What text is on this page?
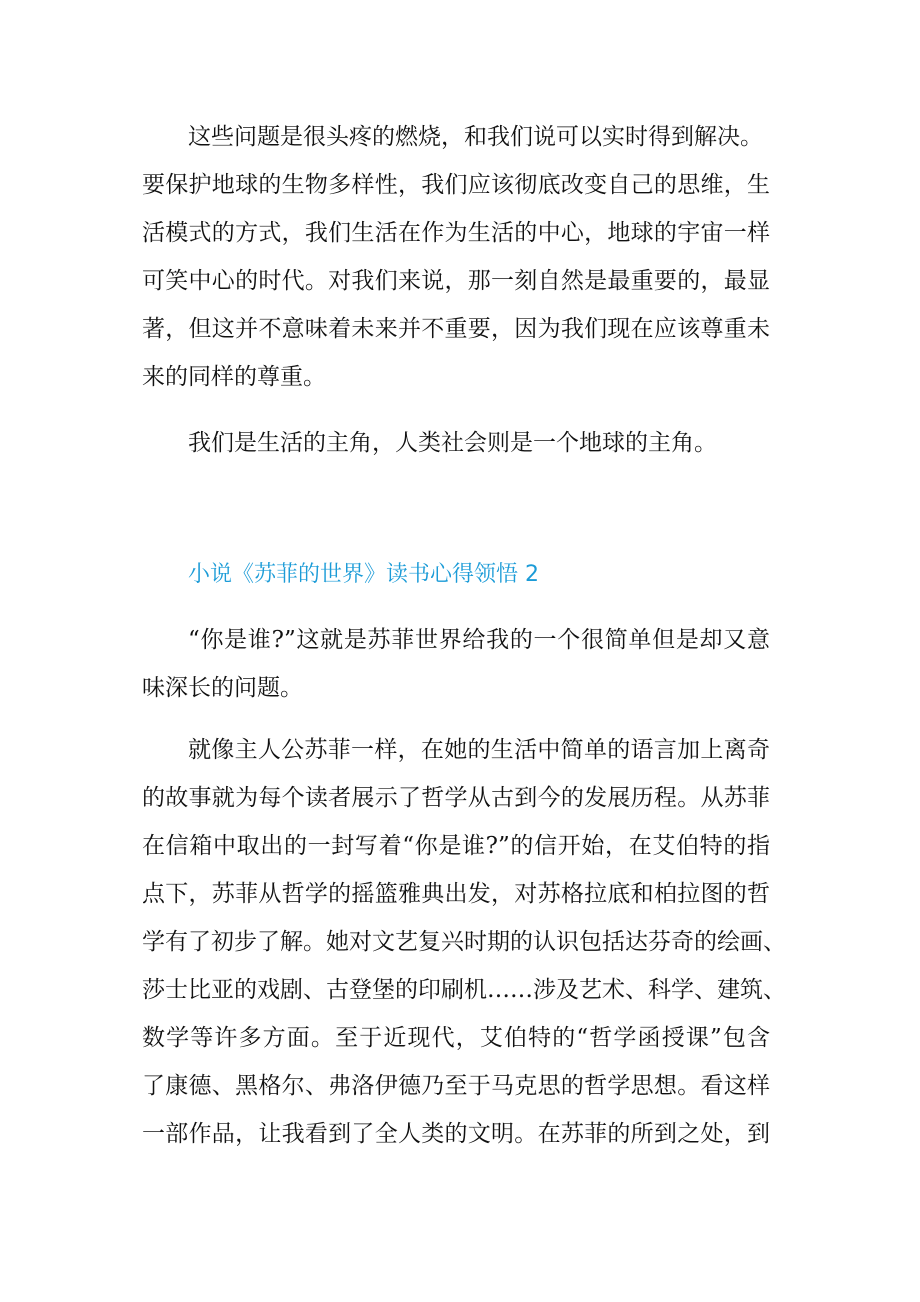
这些问题是很头疼的燃烧，和我们说可以实时得到解决。
要保护地球的生物多样性，我们应该彻底改变自己的思维，生
活模式的方式，我们生活在作为生活的中心，地球的宇宙一样
可笑中心的时代。对我们来说，那一刻自然是最重要的，最显
著，但这并不意味着未来并不重要，因为我们现在应该尊重未
来的同样的尊重。
我们是生活的主角，人类社会则是一个地球的主角。
小说《苏菲的世界》读书心得领悟 2
“你是谁?”这就是苏菲世界给我的一个很简单但是却又意
味深长的问题。
就像主人公苏菲一样，在她的生活中简单的语言加上离奇
的故事就为每个读者展示了哲学从古到今的发展历程。从苏菲
在信箱中取出的一封写着“你是谁?”的信开始，在艾伯特的指
点下，苏菲从哲学的摇篮雅典出发，对苏格拉底和柏拉图的哲
学有了初步了解。她对文艺复兴时期的认识包括达芬奇的绘画、
莎士比亚的戏剧、古登堡的印刷机……涉及艺术、科学、建筑、
数学等许多方面。至于近现代，艾伯特的“哲学函授课”包含
了康德、黑格尔、弗洛伊德乃至于马克思的哲学思想。看这样
一部作品，让我看到了全人类的文明。在苏菲的所到之处，到
